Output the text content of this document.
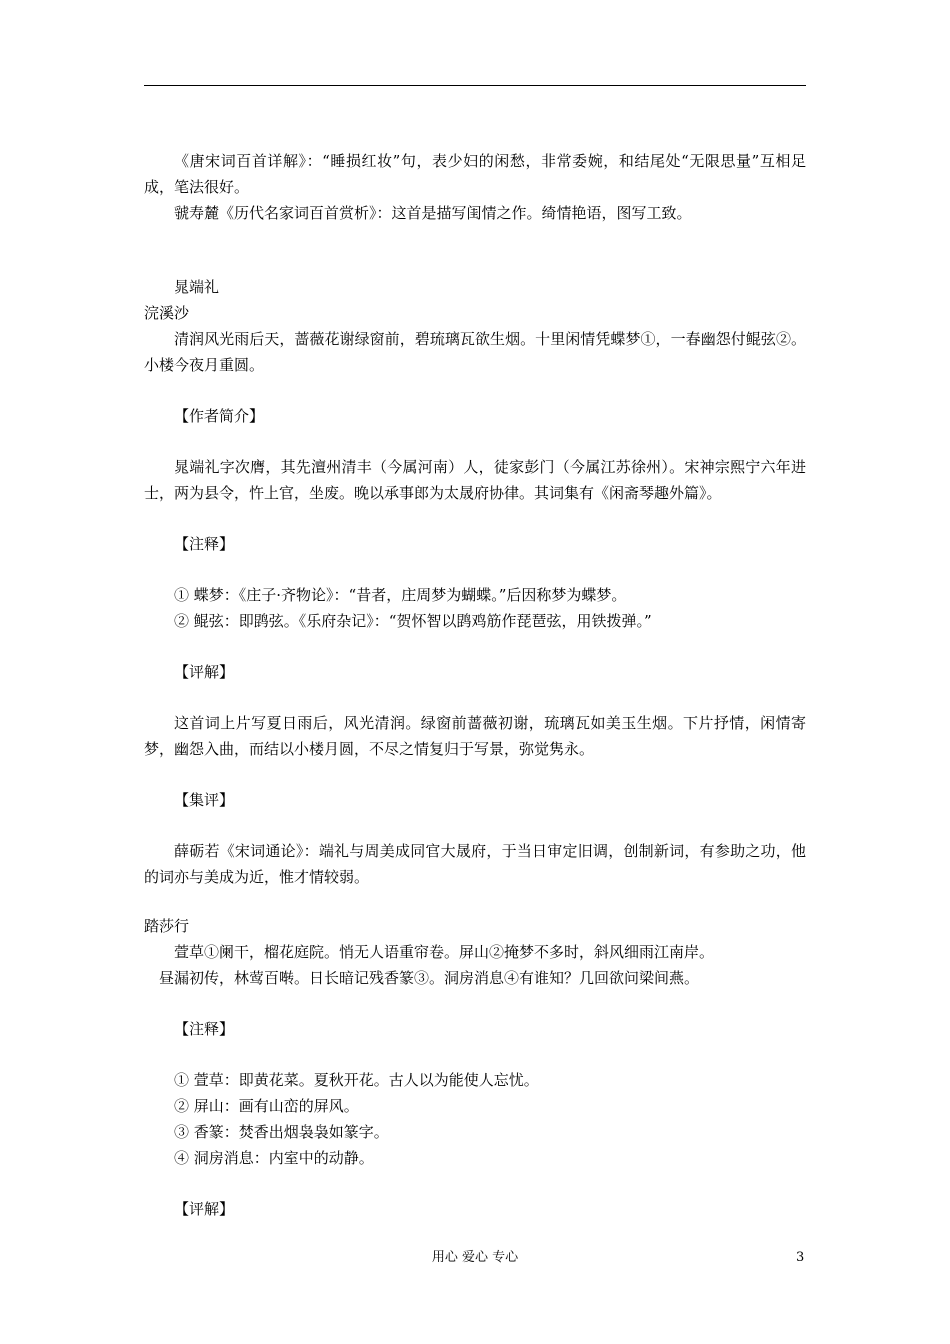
《唐宋词百首详解》：“睡损红妆”句，表少妇的闲愁，非常委婉，和结尾处“无限思量”互相足成，笔法很好。

虢寿麓《历代名家词百首赏析》：这首是描写闺情之作。绮情艳语，图写工致。

晁端礼

浣溪沙

清润风光雨后天，蔷薇花谢绿窗前，碧琉璃瓦欲生烟。十里闲情凭蝶梦①，一春幽怨付鲲弦②。小楼今夜月重圆。

【作者简介】

晁端礼字次膺，其先澶州清丰（今属河南）人，徒家彭门（今属江苏徐州）。宋神宗熙宁六年进士，两为县令，忤上官，坐废。晚以承事郎为太晟府协律。其词集有《闲斋琴趣外篇》。

【注释】

① 蝶梦：《庄子·齐物论》：“昔者，庄周梦为蝴蝶。”后因称梦为蝶梦。

② 鲲弦：即鹍弦。《乐府杂记》：“贺怀智以鹍鸡筋作琵琶弦，用铁拨弹。”

【评解】

这首词上片写夏日雨后，风光清润。绿窗前蔷薇初谢，琉璃瓦如美玉生烟。下片抒情，闲情寄梦，幽怨入曲，而结以小楼月圆，不尽之情复归于写景，弥觉隽永。

【集评】

薛砺若《宋词通论》：端礼与周美成同官大晟府，于当日审定旧调，创制新词，有参助之功，他的词亦与美成为近，惟才情较弱。

踏莎行

萱草①阑干，榴花庭院。悄无人语重帘卷。屏山②掩梦不多时，斜风细雨江南岸。

昼漏初传，林莺百啭。日长暗记残香篆③。洞房消息④有谁知？几回欲问梁间燕。

【注释】

① 萱草：即黄花菜。夏秋开花。古人以为能使人忘忧。

② 屏山：画有山峦的屏风。

③ 香篆：焚香出烟袅袅如篆字。

④ 洞房消息：内室中的动静。

【评解】

用心 爱心 专心	3
